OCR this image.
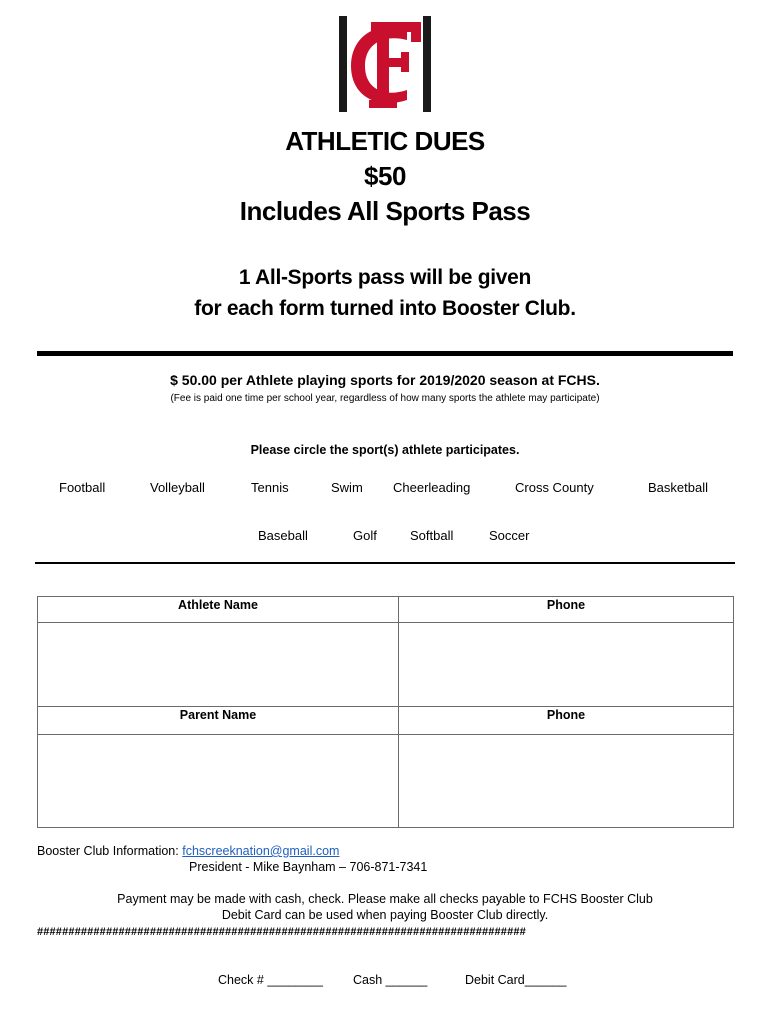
ATHLETIC DUES
$50
Includes All Sports Pass
1 All-Sports pass will be given
for each form turned into Booster Club.
$ 50.00 per Athlete playing sports for 2019/2020 season at FCHS.
(Fee is paid one time per school year, regardless of how many sports the athlete may participate)
Please circle the sport(s) athlete participates.
Football	Volleyball	Tennis	Swim Cheerleading	Cross County	Basketball
Baseball	Golf	Softball	Soccer
Athlete Name	Phone
Parent Name	Phone
Booster Club Information: fchscreeknation@gmail.com
President - Mike Baynham – 706-871-7341
Payment may be made with cash, check. Please make all checks payable to FCHS Booster Club
Debit Card can be used when paying Booster Club directly.
##############################################################################
Check # ________ Cash ______	Debit Card______
